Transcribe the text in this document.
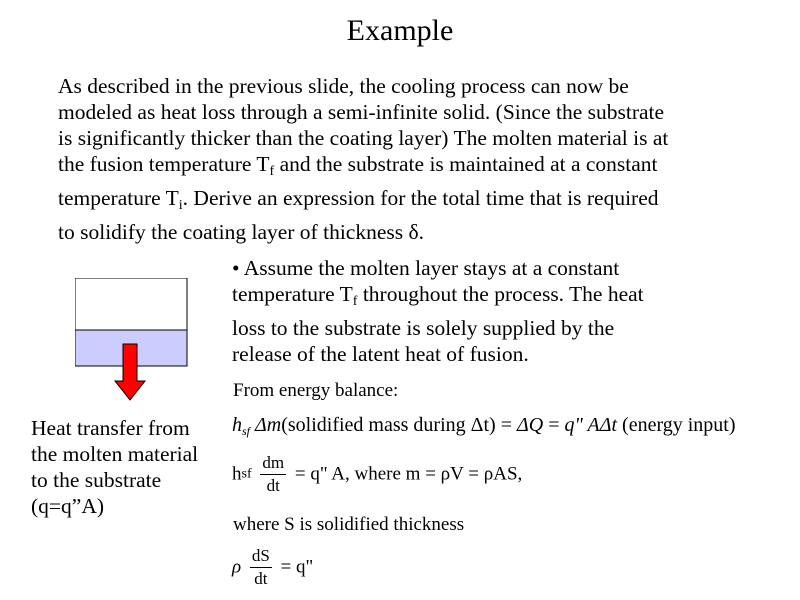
Example
As described in the previous slide, the cooling process can now be
modeled as heat loss through a semi-infinite solid. (Since the substrate
is significantly thicker than the coating layer) The molten material is at
the fusion temperature $T_f$ and the substrate is maintained at a constant
temperature $T_i$. Derive an expression for the total time that is required
to solidify the coating layer of thickness δ.
• Assume the molten layer stays at a constant
temperature $T_f$ throughout the process. The heat
loss to the substrate is solely supplied by the
release of the latent heat of fusion.
Heat transfer from
the molten material
to the substrate
(q=q”A)
From energy balance:
$h_{sf}$ Δm(solidified mass during Δt) = ΔQ = q" AΔt (energy input)
hsf $\frac{dm}{dt} = q$" A, where m = ρV = ρAS,
where S is solidified thickness
ρ $\frac{dS}{dt} = q$"
